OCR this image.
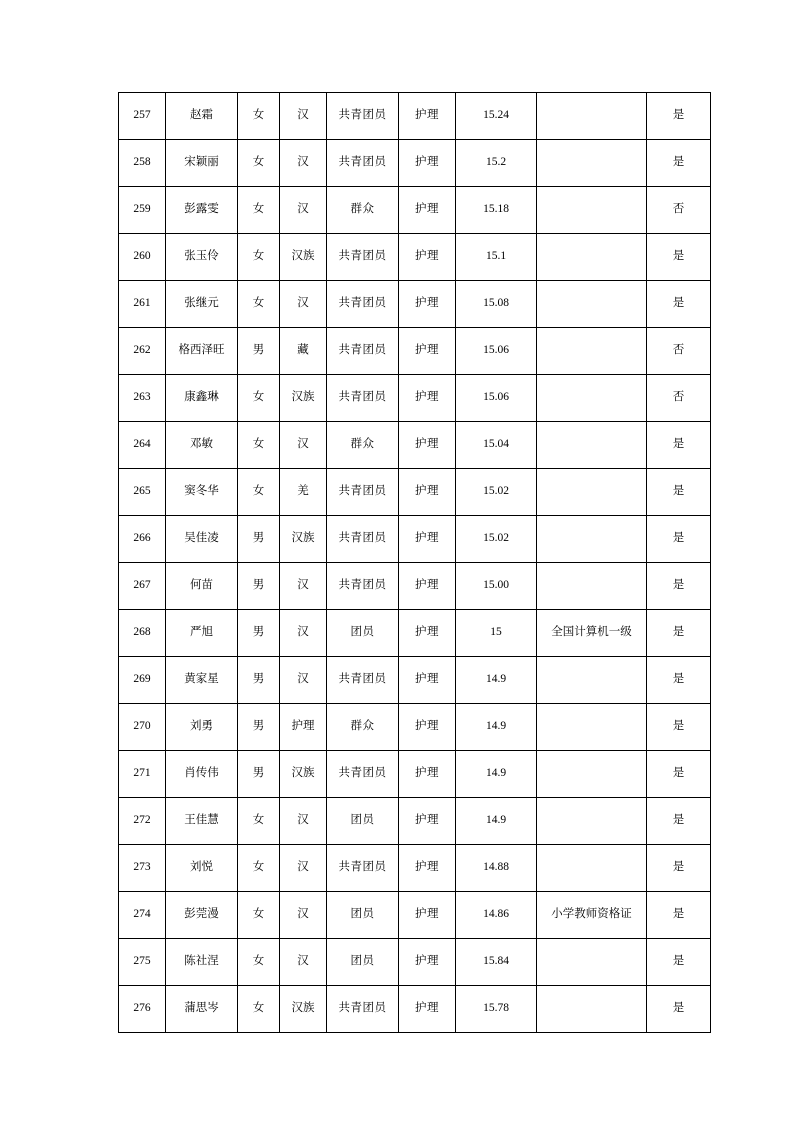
257	赵霜	女	汉	共青团员	护理	15.24		是
258	宋颖丽	女	汉	共青团员	护理	15.2		是
259	彭露雯	女	汉	群众	护理	15.18		否
260	张玉伶	女	汉族	共青团员	护理	15.1		是
261	张继元	女	汉	共青团员	护理	15.08		是
262	格西泽旺	男	藏	共青团员	护理	15.06		否
263	康鑫琳	女	汉族	共青团员	护理	15.06		否
264	邓敏	女	汉	群众	护理	15.04		是
265	窦冬华	女	羌	共青团员	护理	15.02		是
266	吴佳凌	男	汉族	共青团员	护理	15.02		是
267	何苗	男	汉	共青团员	护理	15.00		是
268	严旭	男	汉	团员	护理	15	全国计算机一级	是
269	黄家星	男	汉	共青团员	护理	14.9		是
270	刘勇	男	护理	群众	护理	14.9		是
271	肖传伟	男	汉族	共青团员	护理	14.9		是
272	王佳慧	女	汉	团员	护理	14.9		是
273	刘悦	女	汉	共青团员	护理	14.88		是
274	彭莞漫	女	汉	团员	护理	14.86	小学教师资格证	是
275	陈社涅	女	汉	团员	护理	15.84		是
276	蒲思岑	女	汉族	共青团员	护理	15.78		是
